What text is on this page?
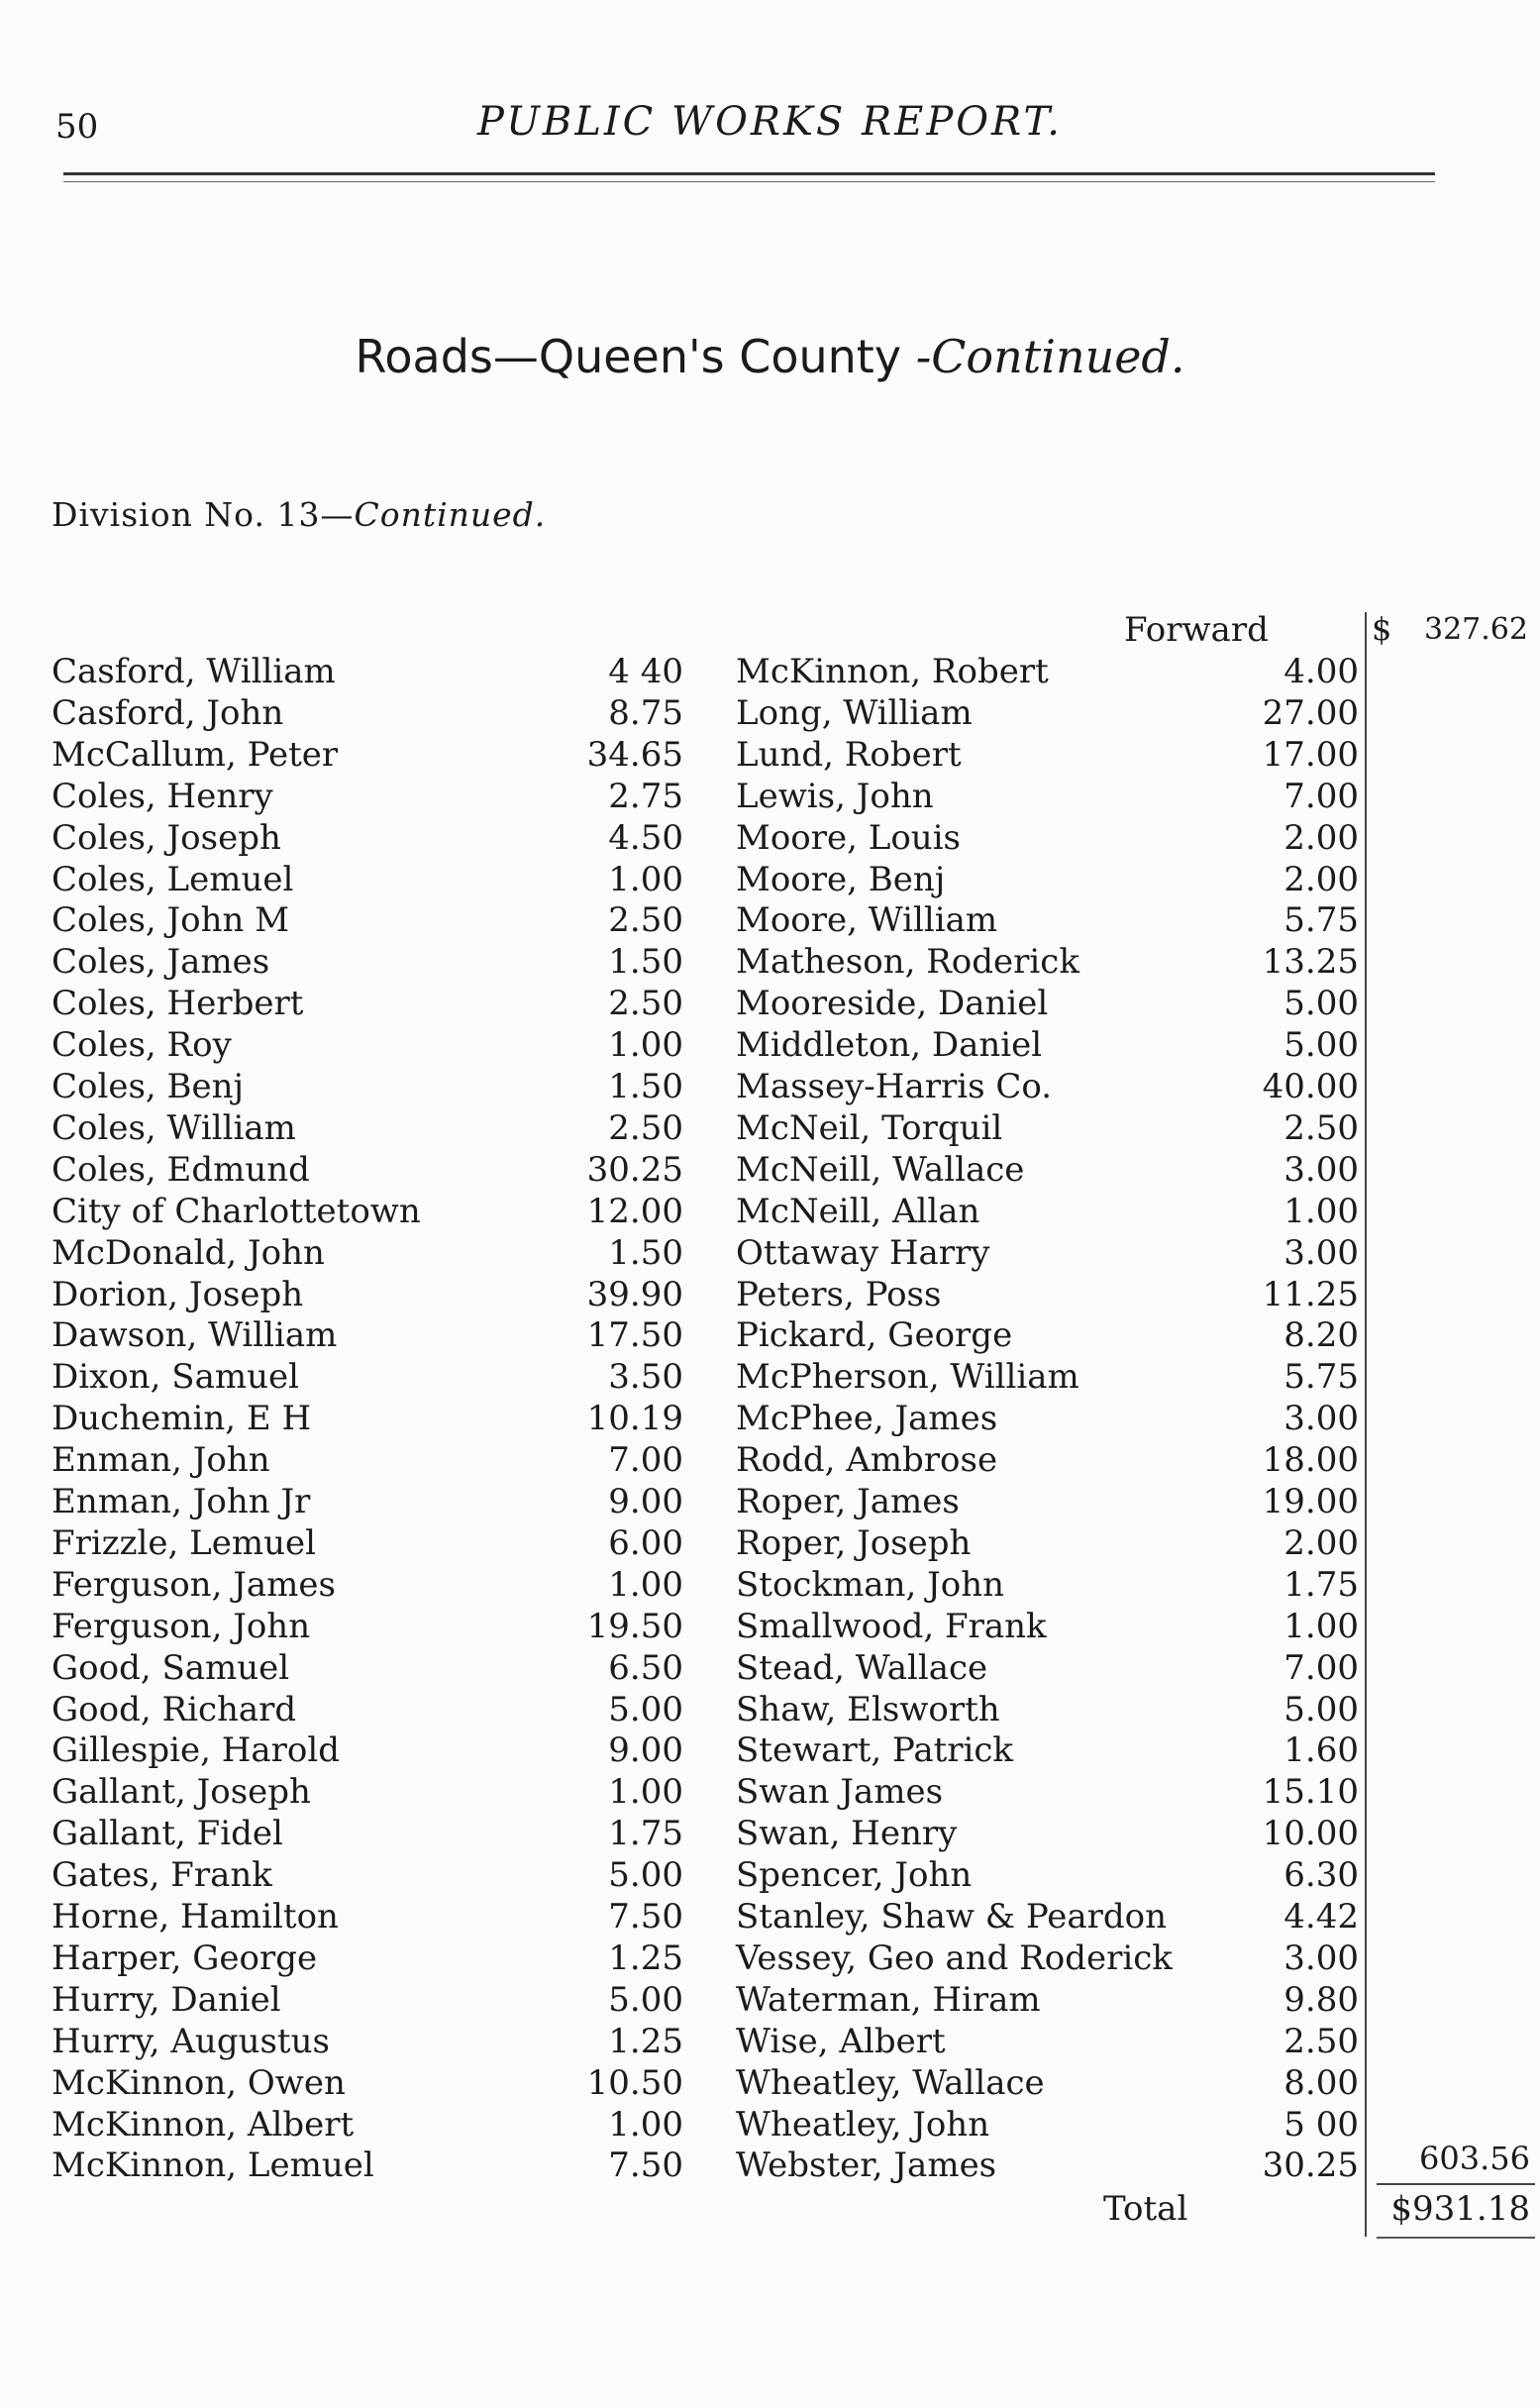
50	PUBLIC WORKS REPORT.
Roads—Queen's County -Continued.
Division No. 13—Continued.
Forward	$ 327.62
Casford, William	4 40
Casford, John	8.75
McCallum, Peter	34.65
Coles, Henry	2.75
Coles, Joseph	4.50
Coles, Lemuel	1.00
Coles, John M	2.50
Coles, James	1.50
Coles, Herbert	2.50
Coles, Roy	1.00
Coles, Benj	1.50
Coles, William	2.50
Coles, Edmund	30.25
City of Charlottetown	12.00
McDonald, John	1.50
Dorion, Joseph	39.90
Dawson, William	17.50
Dixon, Samuel	3.50
Duchemin, E H	10.19
Enman, John	7.00
Enman, John Jr	9.00
Frizzle, Lemuel	6.00
Ferguson, James	1.00
Ferguson, John	19.50
Good, Samuel	6.50
Good, Richard	5.00
Gillespie, Harold	9.00
Gallant, Joseph	1.00
Gallant, Fidel	1.75
Gates, Frank	5.00
Horne, Hamilton	7.50
Harper, George	1.25
Hurry, Daniel	5.00
Hurry, Augustus	1.25
McKinnon, Owen	10.50
McKinnon, Albert	1.00
McKinnon, Lemuel	7.50
McKinnon, Robert	4.00
Long, William	27.00
Lund, Robert	17.00
Lewis, John	7.00
Moore, Louis	2.00
Moore, Benj	2.00
Moore, William	5.75
Matheson, Roderick	13.25
Mooreside, Daniel	5.00
Middleton, Daniel	5.00
Massey-Harris Co.	40.00
McNeil, Torquil	2.50
McNeill, Wallace	3.00
McNeill, Allan	1.00
Ottaway Harry	3.00
Peters, Poss	11.25
Pickard, George	8.20
McPherson, William	5.75
McPhee, James	3.00
Rodd, Ambrose	18.00
Roper, James	19.00
Roper, Joseph	2.00
Stockman, John	1.75
Smallwood, Frank	1.00
Stead, Wallace	7.00
Shaw, Elsworth	5.00
Stewart, Patrick	1.60
Swan James	15.10
Swan, Henry	10.00
Spencer, John	6.30
Stanley, Shaw & Peardon	4.42
Vessey, Geo and Roderick	3.00
Waterman, Hiram	9.80
Wise, Albert	2.50
Wheatley, Wallace	8.00
Wheatley, John	5 00
Webster, James	30.25	603.56
Total	$931.18
